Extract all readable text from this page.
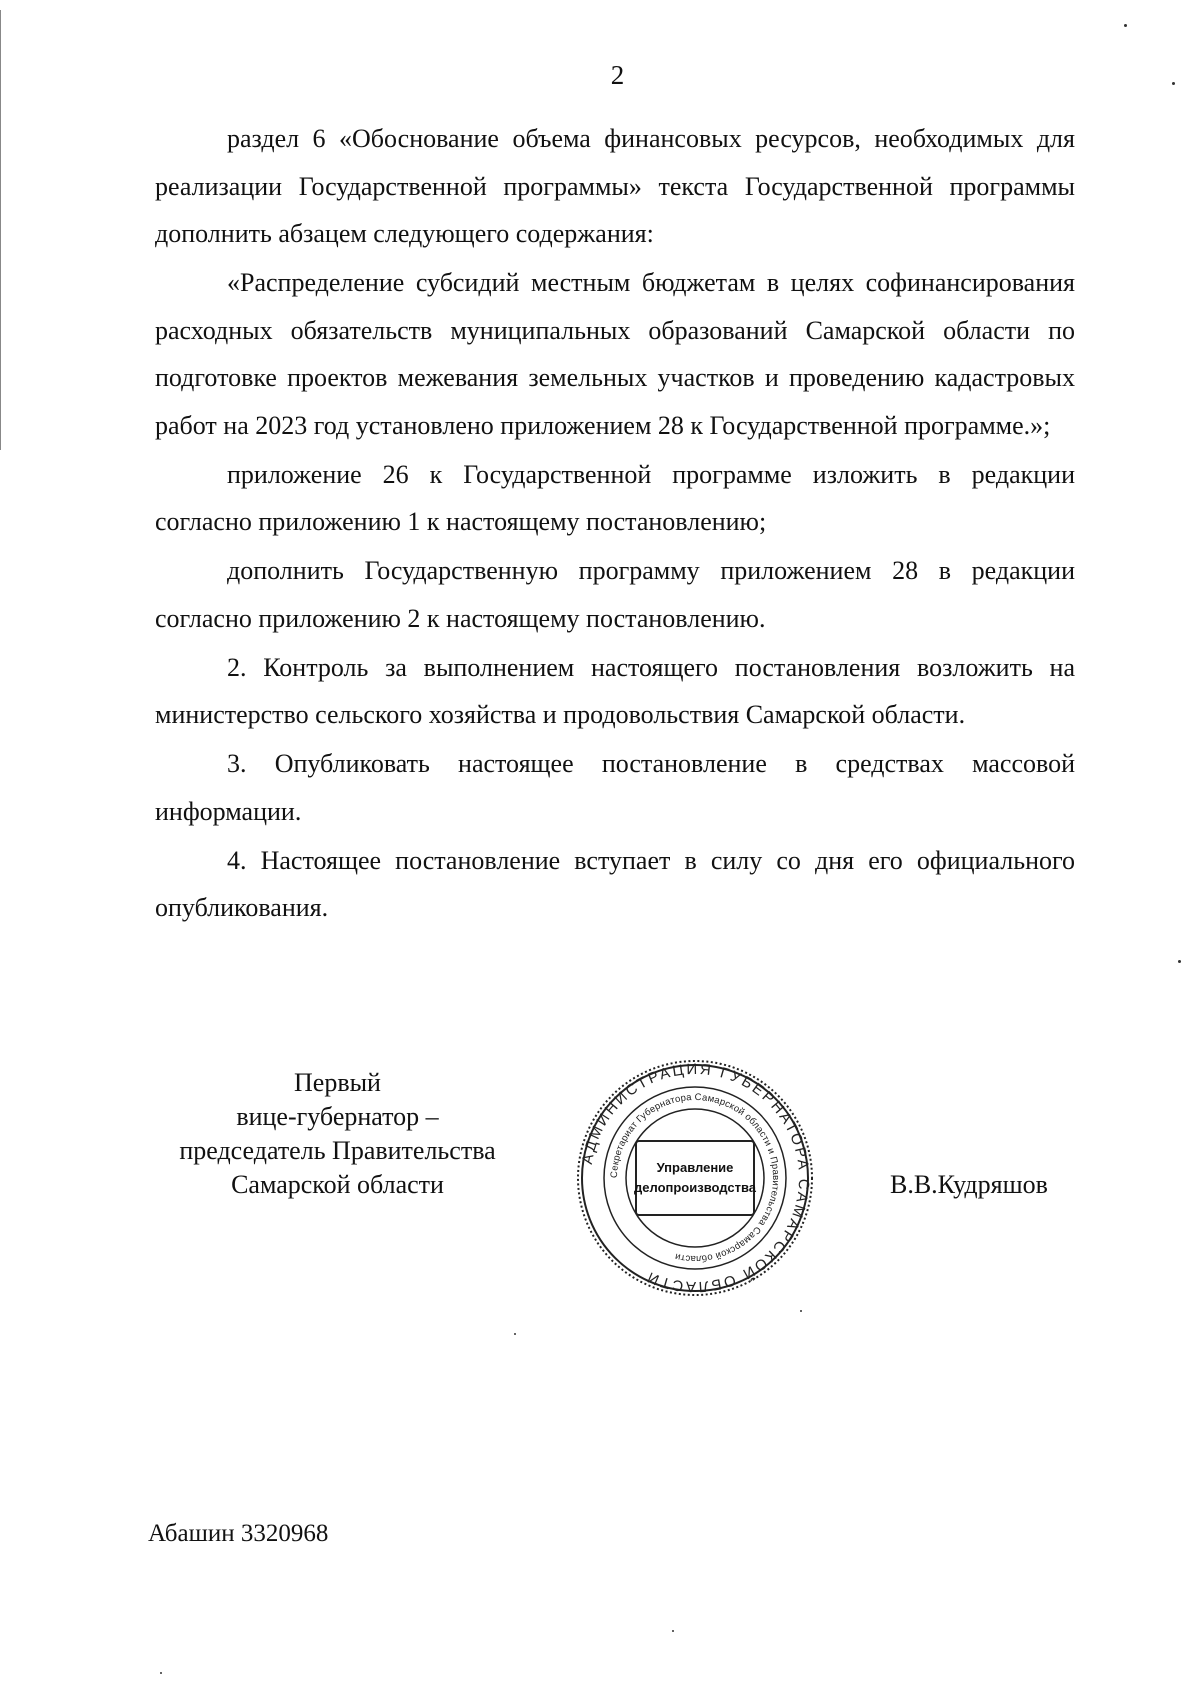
2

раздел 6 «Обоснование объема финансовых ресурсов, необходимых для реализации Государственной программы» текста Государственной программы дополнить абзацем следующего содержания:

«Распределение субсидий местным бюджетам в целях софинансирования расходных обязательств муниципальных образований Самарской области по подготовке проектов межевания земельных участков и проведению кадастровых работ на 2023 год установлено приложением 28 к Государственной программе.»;

приложение 26 к Государственной программе изложить в редакции согласно приложению 1 к настоящему постановлению;

дополнить Государственную программу приложением 28 в редакции согласно приложению 2 к настоящему постановлению.

2. Контроль за выполнением настоящего постановления возложить на министерство сельского хозяйства и продовольствия Самарской области.

3. Опубликовать настоящее постановление в средствах массовой информации.

4. Настоящее постановление вступает в силу со дня его официального опубликования.

Первый
вице-губернатор –
председатель Правительства
Самарской области
АДМИНИСТРАЦИЯ ГУБЕРНАТОРА САМАРСКОЙ ОБЛАСТИ
Секретариат Губернатора Самарской области и Правительства Самарской области
Управление
делопроизводства	В.В.Кудряшов
Абашин 3320968
